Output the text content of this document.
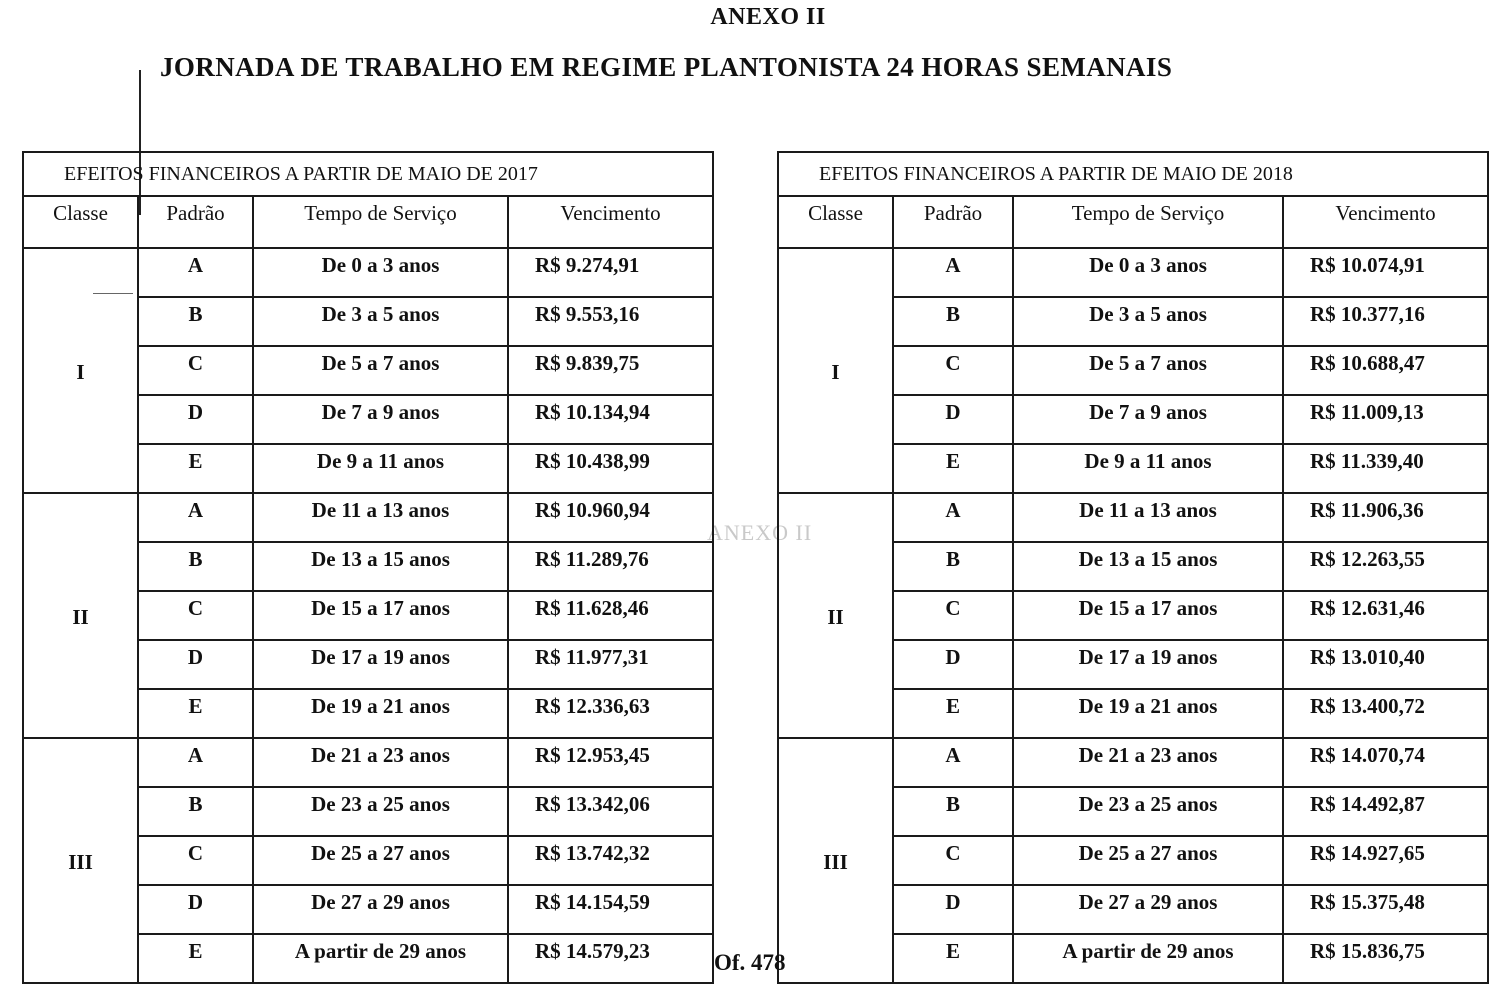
ANEXO II
JORNADA DE TRABALHO EM REGIME PLANTONISTA 24 HORAS SEMANAIS
ANEXO II
EFEITOS FINANCEIROS A PARTIR DE MAIO DE 2017			
Classe	Padrão	Tempo de Serviço	Vencimento
I	A	De 0 a 3 anos	R$ 9.274,91
	B	De 3 a 5 anos	R$ 9.553,16
	C	De 5 a 7 anos	R$ 9.839,75
	D	De 7 a 9 anos	R$ 10.134,94
	E	De 9 a 11 anos	R$ 10.438,99
II	A	De 11 a 13 anos	R$ 10.960,94
	B	De 13 a 15 anos	R$ 11.289,76
	C	De 15 a 17 anos	R$ 11.628,46
	D	De 17 a 19 anos	R$ 11.977,31
	E	De 19 a 21 anos	R$ 12.336,63
III	A	De 21 a 23 anos	R$ 12.953,45
	B	De 23 a 25 anos	R$ 13.342,06
	C	De 25 a 27 anos	R$ 13.742,32
	D	De 27 a 29 anos	R$ 14.154,59
	E	A partir de 29 anos	R$ 14.579,23
EFEITOS FINANCEIROS A PARTIR DE MAIO DE 2018			
Classe	Padrão	Tempo de Serviço	Vencimento
I	A	De 0 a 3 anos	R$ 10.074,91
	B	De 3 a 5 anos	R$ 10.377,16
	C	De 5 a 7 anos	R$ 10.688,47
	D	De 7 a 9 anos	R$ 11.009,13
	E	De 9 a 11 anos	R$ 11.339,40
II	A	De 11 a 13 anos	R$ 11.906,36
	B	De 13 a 15 anos	R$ 12.263,55
	C	De 15 a 17 anos	R$ 12.631,46
	D	De 17 a 19 anos	R$ 13.010,40
	E	De 19 a 21 anos	R$ 13.400,72
III	A	De 21 a 23 anos	R$ 14.070,74
	B	De 23 a 25 anos	R$ 14.492,87
	C	De 25 a 27 anos	R$ 14.927,65
	D	De 27 a 29 anos	R$ 15.375,48
	E	A partir de 29 anos	R$ 15.836,75
Of. 478
